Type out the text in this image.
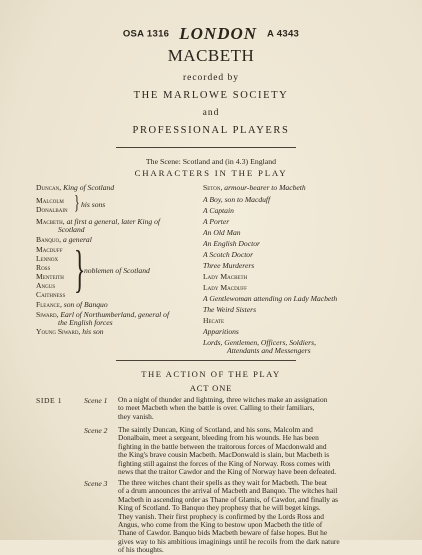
OSA 1316 LONDON A 4343
MACBETH
recorded by
THE MARLOWE SOCIETY
and
PROFESSIONAL PLAYERS
The Scene: Scotland and (in 4.3) England
CHARACTERS IN THE PLAY
Duncan, King of Scotland
Malcolm
Donalbain } his sons
Macbeth, at first a general, later King of
Scotland
Banquo, a general
Macduff
Lennox
Ross
Menteith
Angus
Caithness }
noblemen of Scotland
Fleance, son of Banquo
Siward, Earl of Northumberland, general of
the English forces
Young Siward, his son
Seton, armour-bearer to Macbeth
A Boy, son to Macduff
A Captain
A Porter
An Old Man
An English Doctor
A Scotch Doctor
Three Murderers
Lady Macbeth
Lady Macduff
A Gentlewoman attending on Lady Macbeth
The Weird Sisters
Hecate
Apparitions
Lords, Gentlemen, Officers, Soldiers,
Attendants and Messengers
THE ACTION OF THE PLAY
ACT ONE
SIDE 1	Scene 1 On a night of thunder and lightning, three witches make an assignation
to meet Macbeth when the battle is over. Calling to their familiars,
they vanish.
Scene 2 The saintly Duncan, King of Scotland, and his sons, Malcolm and
Donalbain, meet a sergeant, bleeding from his wounds. He has been
fighting in the battle between the traitorous forces of Macdonwald and
the King's brave cousin Macbeth. MacDonwald is slain, but Macbeth is
fighting still against the forces of the King of Norway. Ross comes with
news that the traitor Cawdor and the King of Norway have been defeated.
Scene 3 The three witches chant their spells as they wait for Macbeth. The beat
of a drum announces the arrival of Macbeth and Banquo. The witches hail
Macbeth in ascending order as Thane of Glamis, of Cawdor, and finally as
King of Scotland. To Banquo they prophesy that he will beget kings.
They vanish. Their first prophecy is confirmed by the Lords Ross and
Angus, who come from the King to bestow upon Macbeth the title of
Thane of Cawdor. Banquo bids Macbeth beware of false hopes. But he
gives way to his ambitious imaginings until he recoils from the dark nature
of his thoughts.
